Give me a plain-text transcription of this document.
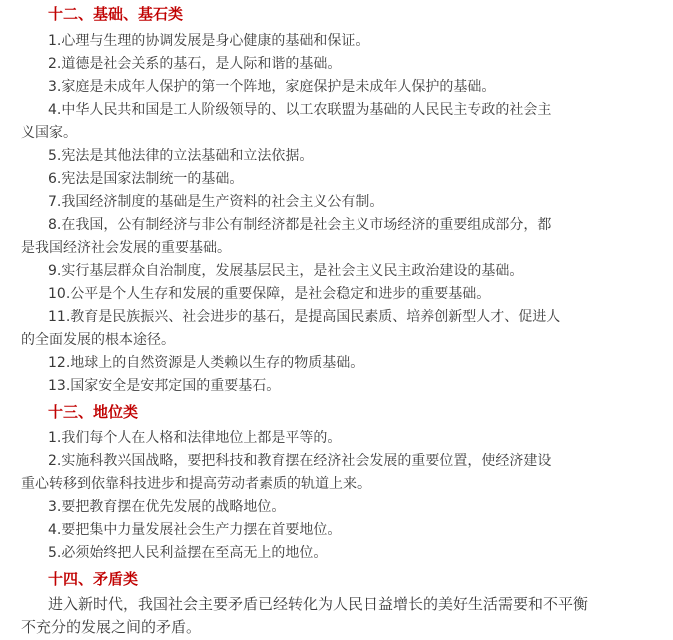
十二、基础、基石类
1.心理与生理的协调发展是身心健康的基础和保证。
2.道德是社会关系的基石，是人际和谐的基础。
3.家庭是未成年人保护的第一个阵地，家庭保护是未成年人保护的基础。
4.中华人民共和国是工人阶级领导的、以工农联盟为基础的人民民主专政的社会主
义国家。
5.宪法是其他法律的立法基础和立法依据。
6.宪法是国家法制统一的基础。
7.我国经济制度的基础是生产资料的社会主义公有制。
8.在我国，公有制经济与非公有制经济都是社会主义市场经济的重要组成部分，都
是我国经济社会发展的重要基础。
9.实行基层群众自治制度，发展基层民主，是社会主义民主政治建设的基础。
10.公平是个人生存和发展的重要保障，是社会稳定和进步的重要基础。
11.教育是民族振兴、社会进步的基石，是提高国民素质、培养创新型人才、促进人
的全面发展的根本途径。
12.地球上的自然资源是人类赖以生存的物质基础。
13.国家安全是安邦定国的重要基石。
十三、地位类
1.我们每个人在人格和法律地位上都是平等的。
2.实施科教兴国战略，要把科技和教育摆在经济社会发展的重要位置，使经济建设
重心转移到依靠科技进步和提高劳动者素质的轨道上来。
3.要把教育摆在优先发展的战略地位。
4.要把集中力量发展社会生产力摆在首要地位。
5.必须始终把人民利益摆在至高无上的地位。
十四、矛盾类
进入新时代，我国社会主要矛盾已经转化为人民日益增长的美好生活需要和不平衡
不充分的发展之间的矛盾。
